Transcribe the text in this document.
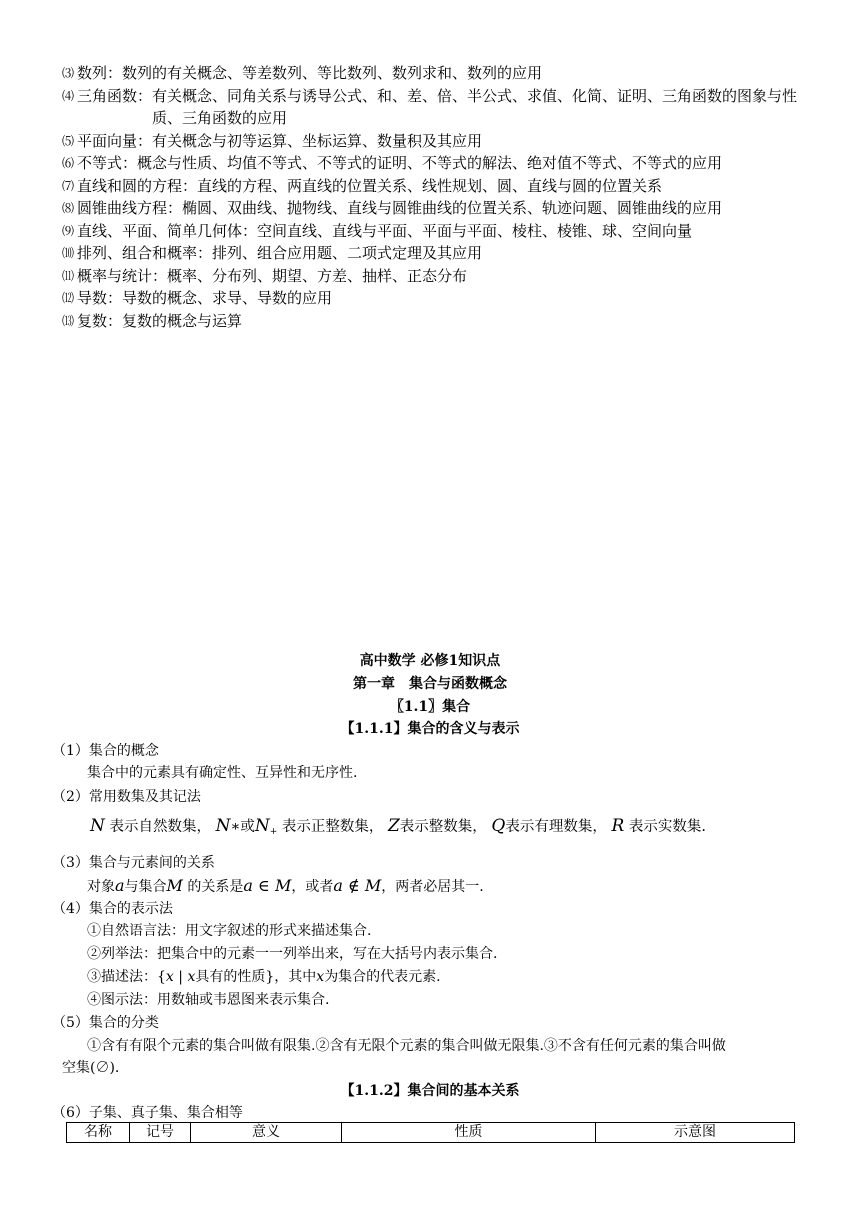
⑶ 数列： 数列的有关概念、等差数列、等比数列、数列求和、数列的应用
⑷ 三角函数： 有关概念、同角关系与诱导公式、和、差、倍、半公式、求值、化简、证明、三角函数的图象与性质、三角函数的应用
⑸ 平面向量： 有关概念与初等运算、坐标运算、数量积及其应用
⑹ 不等式： 概念与性质、均值不等式、不等式的证明、不等式的解法、绝对值不等式、不等式的应用
⑺ 直线和圆的方程： 直线的方程、两直线的位置关系、线性规划、圆、直线与圆的位置关系
⑻ 圆锥曲线方程： 椭圆、双曲线、抛物线、直线与圆锥曲线的位置关系、轨迹问题、圆锥曲线的应用
⑼ 直线、平面、简单几何体： 空间直线、直线与平面、平面与平面、棱柱、棱锥、球、空间向量
⑽ 排列、组合和概率： 排列、组合应用题、二项式定理及其应用
⑾ 概率与统计： 概率、分布列、期望、方差、抽样、正态分布
⑿ 导数： 导数的概念、求导、导数的应用
⒀ 复数： 复数的概念与运算
高中数学 必修1知识点
第一章　集合与函数概念
〖1.1〗集合
【1.1.1】集合的含义与表示
（1）集合的概念
集合中的元素具有确定性、互异性和无序性.
（2）常用数集及其记法
N 表示自然数集， N∗或$N_+$ 表示正整数集， Z表示整数集， Q表示有理数集， R 表示实数集.
（3）集合与元素间的关系
对象a与集合M 的关系是a ∈ M，或者a ∉ M，两者必居其一.
（4）集合的表示法
①自然语言法：用文字叙述的形式来描述集合.
②列举法：把集合中的元素一一列举出来，写在大括号内表示集合.
③描述法：{x | x具有的性质}，其中x为集合的代表元素.
④图示法：用数轴或韦恩图来表示集合.
（5）集合的分类
①含有有限个元素的集合叫做有限集.②含有无限个元素的集合叫做无限集.③不含有任何元素的集合叫做
空集(∅).
【1.1.2】集合间的基本关系
（6）子集、真子集、集合相等
名称	记号	意义	性质	示意图
